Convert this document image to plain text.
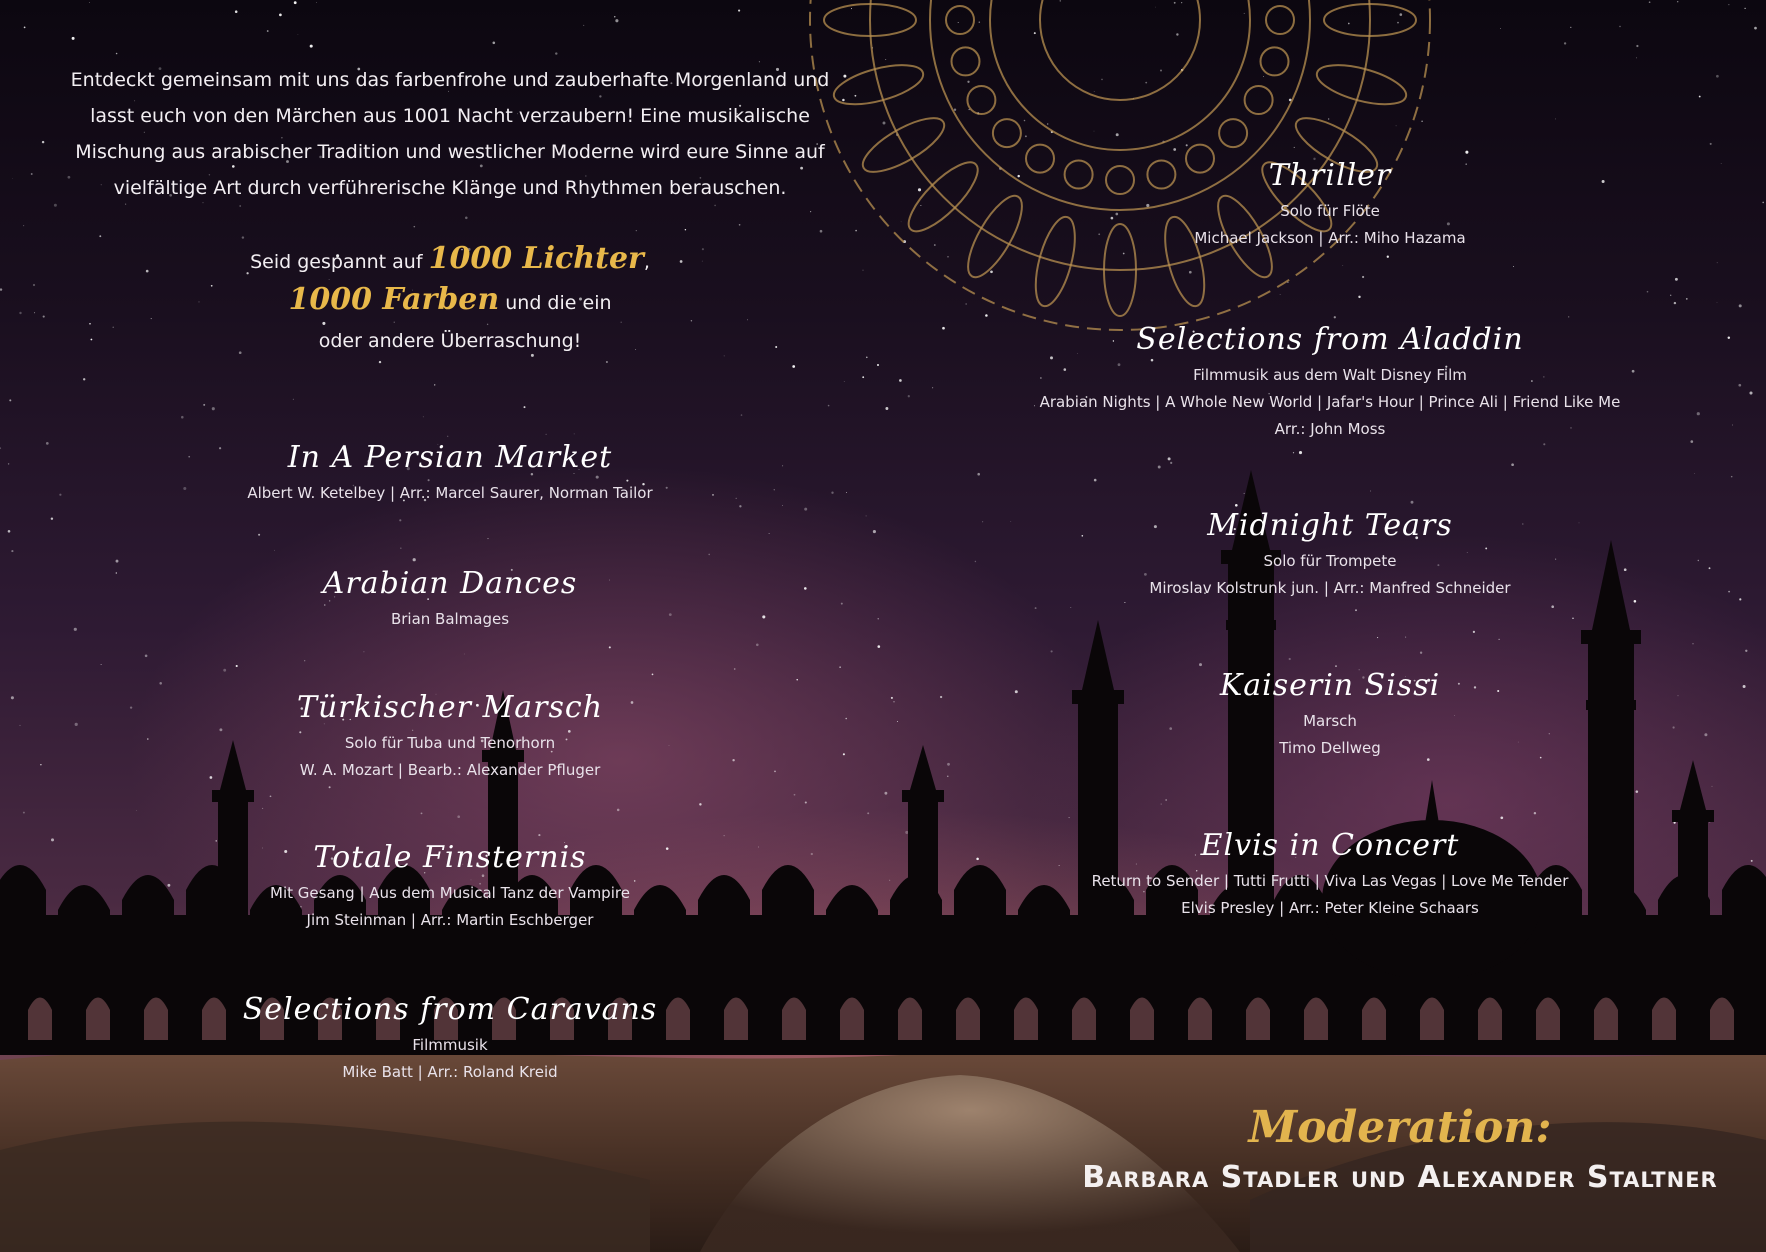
Entdeckt gemeinsam mit uns das farbenfrohe und zauberhafte Morgenland und

lasst euch von den Märchen aus 1001 Nacht verzaubern! Eine musikalische

Mischung aus arabischer Tradition und westlicher Moderne wird eure Sinne auf

vielfältige Art durch verführerische Klänge und Rhythmen berauschen.

Seid gespannt auf 1000 Lichter,
1000 Farben und die ein
oder andere Überraschung!
In A Persian Market
Albert W. Ketelbey | Arr.: Marcel Saurer, Norman Tailor
Arabian Dances
Brian Balmages
Türkischer Marsch
Solo für Tuba und Tenorhorn
W. A. Mozart | Bearb.: Alexander Pfluger
Totale Finsternis
Mit Gesang | Aus dem Musical Tanz der Vampire
Jim Steinman | Arr.: Martin Eschberger
Selections from Caravans
Filmmusik
Mike Batt | Arr.: Roland Kreid
Thriller
Solo für Flöte
Michael Jackson | Arr.: Miho Hazama
Selections from Aladdin
Filmmusik aus dem Walt Disney Film
Arabian Nights | A Whole New World | Jafar's Hour | Prince Ali | Friend Like Me
Arr.: John Moss
Midnight Tears
Solo für Trompete
Miroslav Kolstrunk jun. | Arr.: Manfred Schneider
Kaiserin Sissi
Marsch
Timo Dellweg
Elvis in Concert
Return to Sender | Tutti Frutti | Viva Las Vegas | Love Me Tender
Elvis Presley | Arr.: Peter Kleine Schaars
Moderation:
Barbara Stadler und Alexander Staltner
